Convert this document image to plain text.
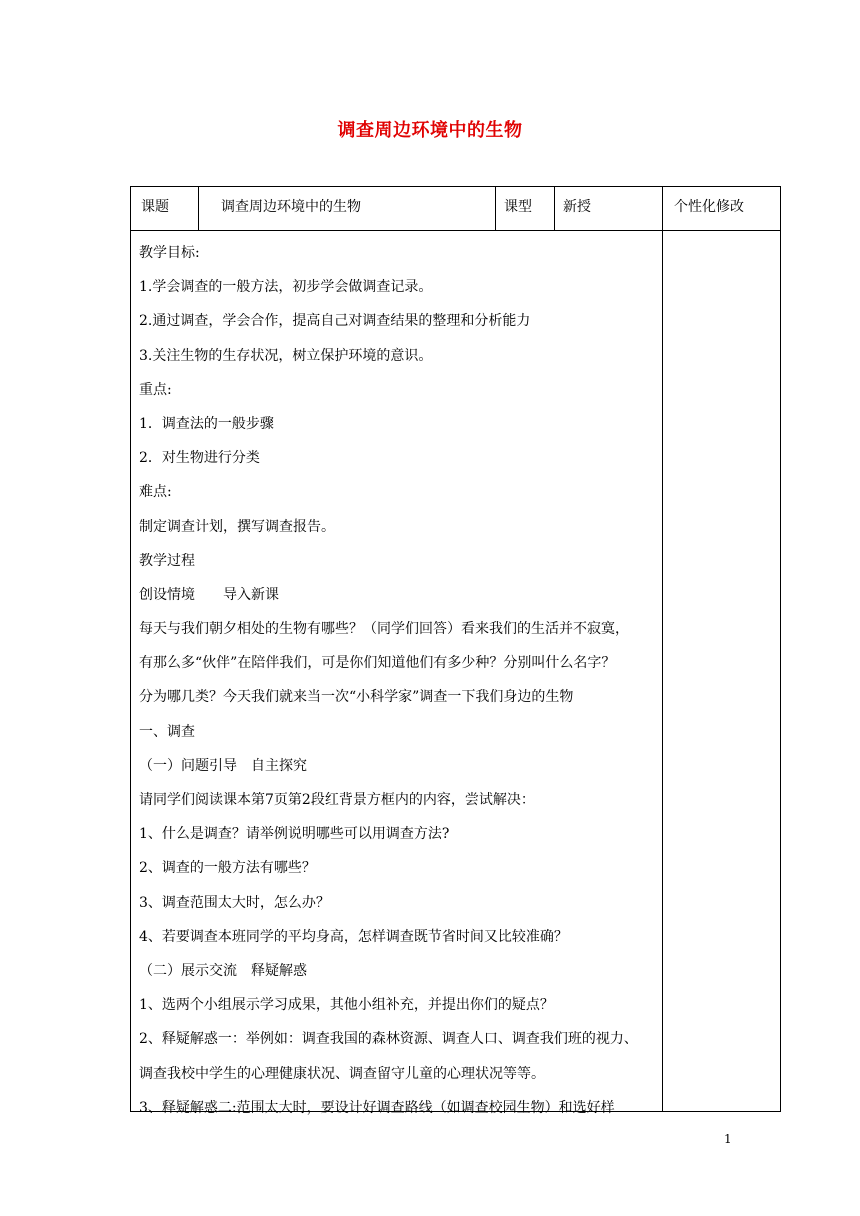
调查周边环境中的生物
课题	调查周边环境中的生物	课型 新授	个性化修改
教学目标:
1.学会调查的一般方法，初步学会做调查记录。
2.通过调查，学会合作，提高自己对调查结果的整理和分析能力
3.关注生物的生存状况，树立保护环境的意识。
重点:
1．调查法的一般步骤
2．对生物进行分类
难点:
制定调查计划，撰写调查报告。
教学过程
创设情境　　导入新课
每天与我们朝夕相处的生物有哪些？（同学们回答）看来我们的生活并不寂寞，
有那么多“伙伴”在陪伴我们，可是你们知道他们有多少种？分别叫什么名字？
分为哪几类？今天我们就来当一次“小科学家”调查一下我们身边的生物
一、调查
（一）问题引导　自主探究
请同学们阅读课本第7页第2段红背景方框内的内容，尝试解决：
1、什么是调查？请举例说明哪些可以用调查方法?
2、调查的一般方法有哪些？
3、调查范围太大时，怎么办？
4、若要调查本班同学的平均身高，怎样调查既节省时间又比较准确？
（二）展示交流　释疑解惑
1、选两个小组展示学习成果，其他小组补充，并提出你们的疑点？
2、释疑解惑一：举例如：调查我国的森林资源、调查人口、调查我们班的视力、
调查我校中学生的心理健康状况、调查留守儿童的心理状况等等。
3、释疑解惑二:范围太大时，要设计好调查路线（如调查校园生物）和选好样
1
